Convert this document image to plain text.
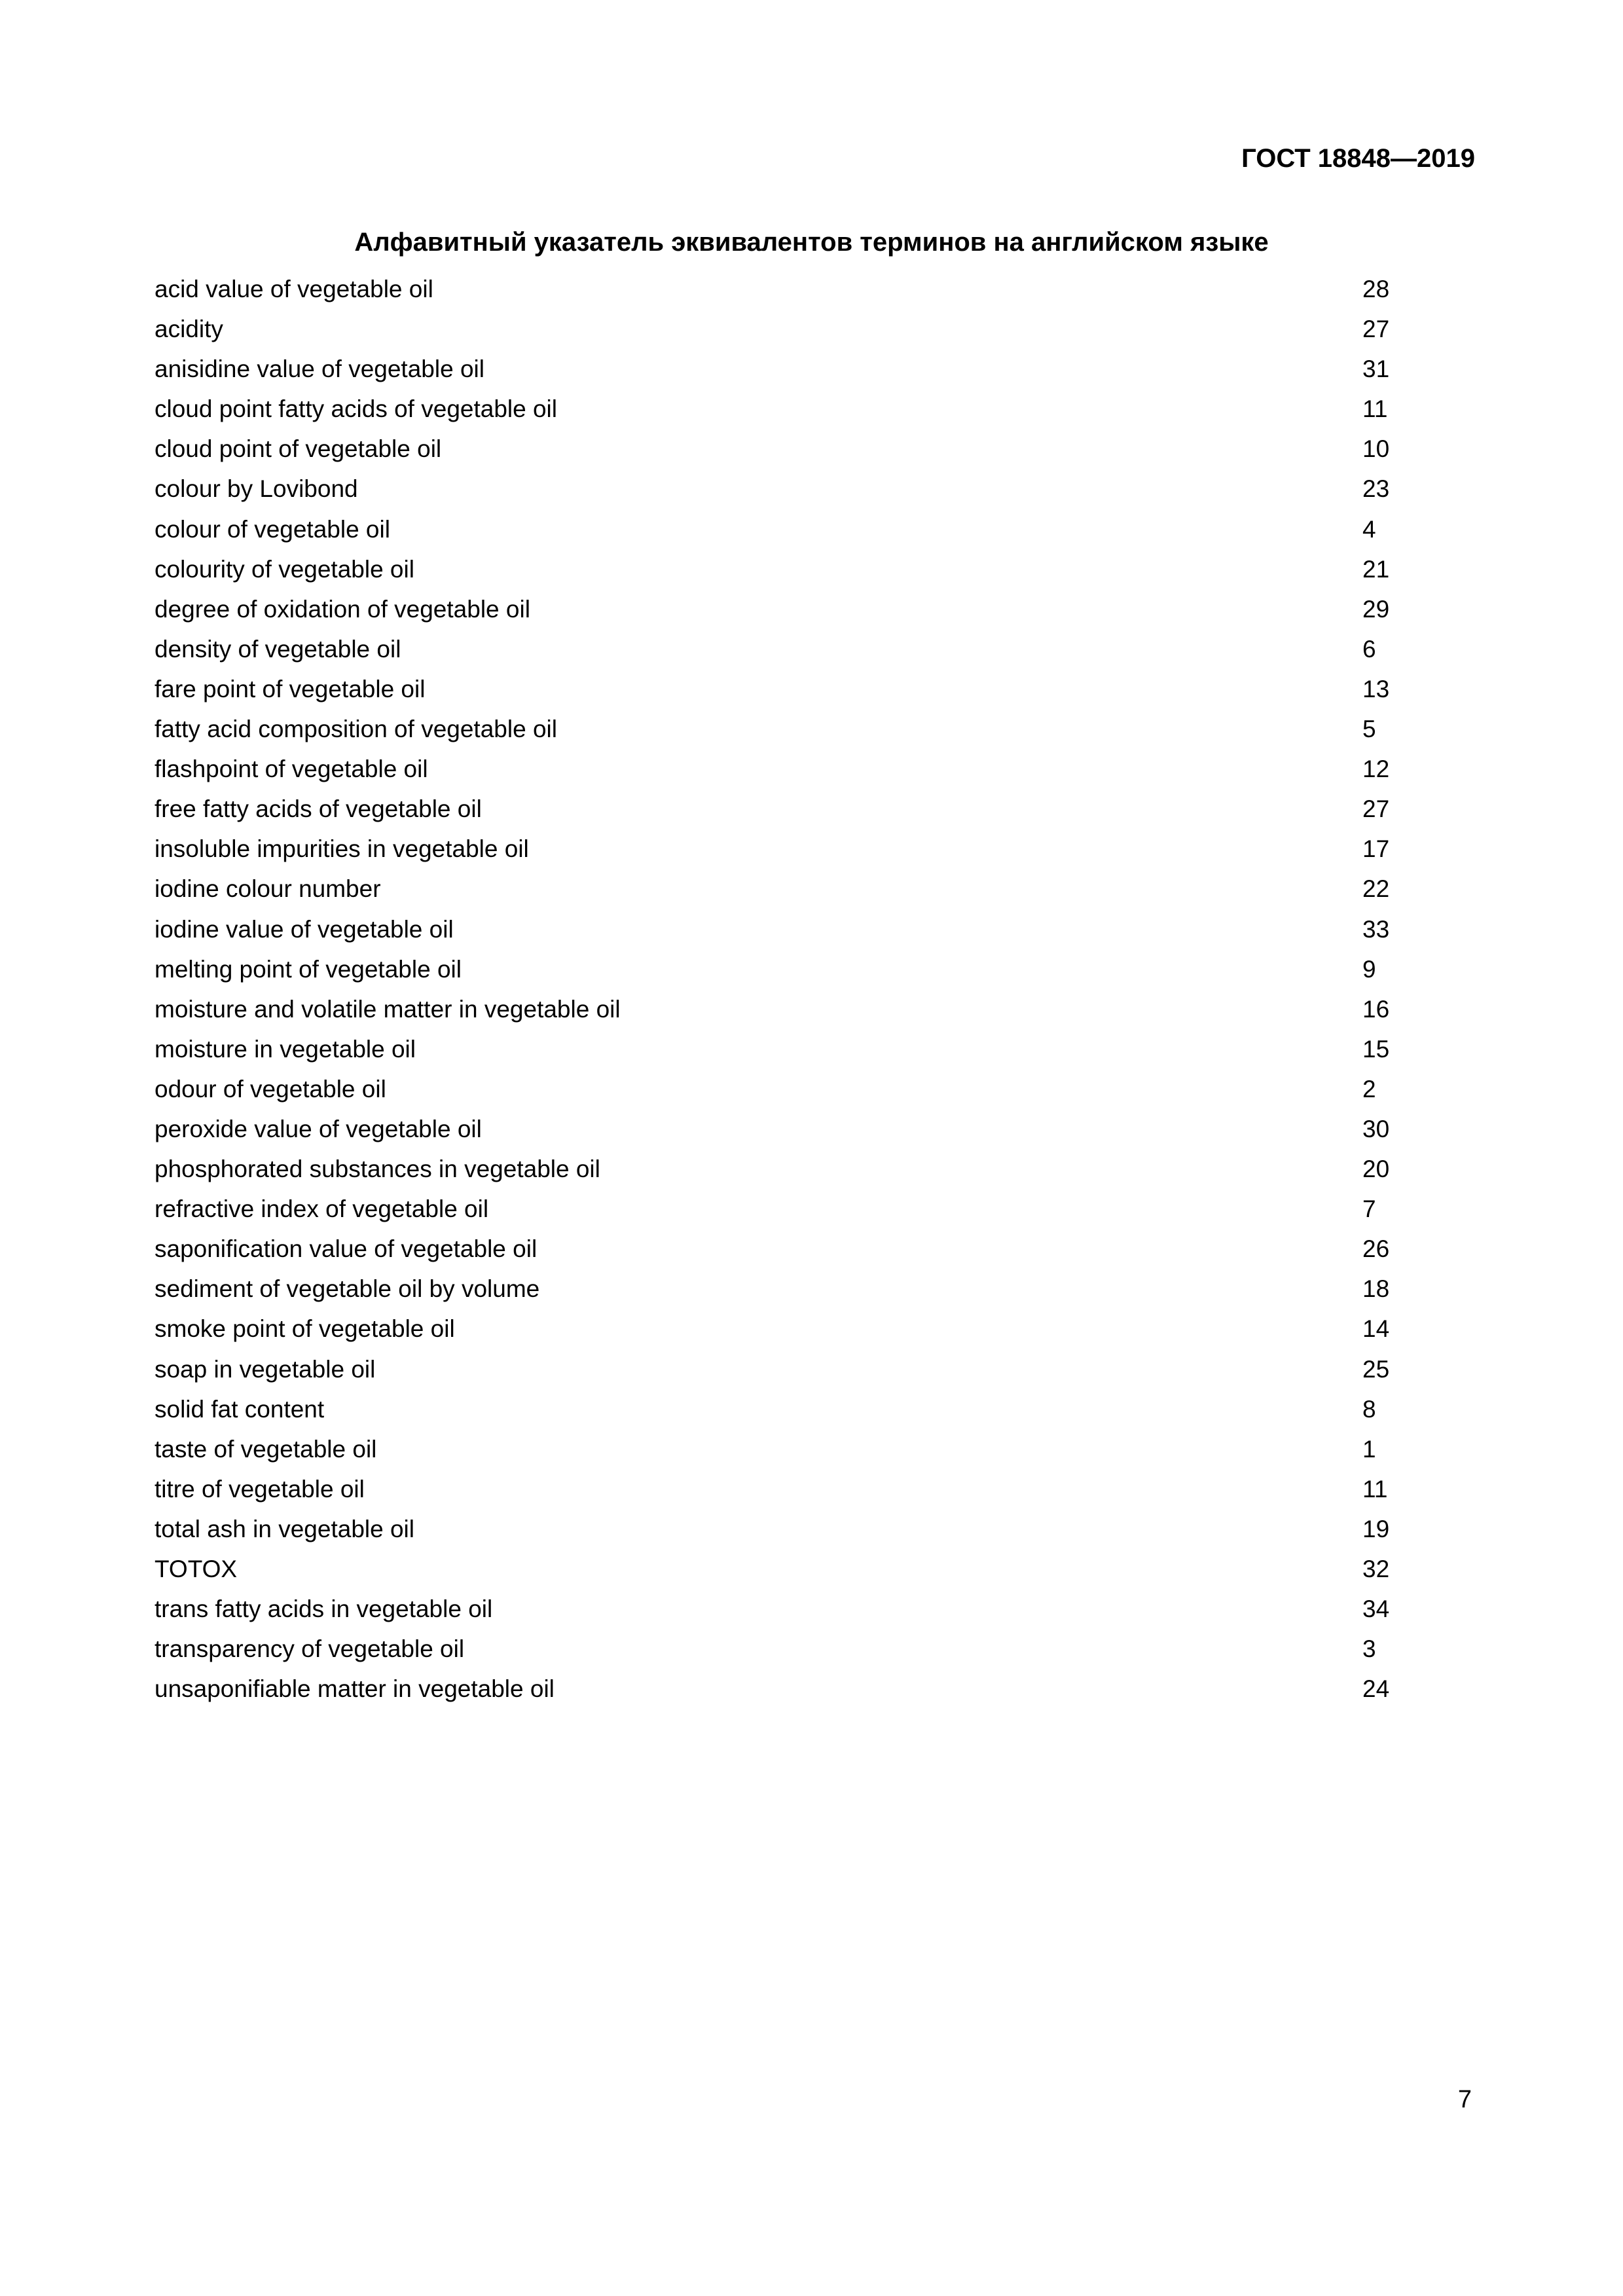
ГОСТ 18848—2019
Алфавитный указатель эквивалентов терминов на английском языке
acid value of vegetable oil	28
acidity	27
anisidine value of vegetable oil	31
cloud point fatty acids of vegetable oil	11
cloud point of vegetable oil	10
colour by Lovibond	23
colour of vegetable oil	4
colourity of vegetable oil	21
degree of oxidation of vegetable oil	29
density of vegetable oil	6
fare point of vegetable oil	13
fatty acid composition of vegetable oil	5
flashpoint of vegetable oil	12
free fatty acids of vegetable oil	27
insoluble impurities in vegetable oil	17
iodine colour number	22
iodine value of vegetable oil	33
melting point of vegetable oil	9
moisture and volatile matter in vegetable oil	16
moisture in vegetable oil	15
odour of vegetable oil	2
peroxide value of vegetable oil	30
phosphorated substances in vegetable oil	20
refractive index of vegetable oil	7
saponification value of vegetable oil	26
sediment of vegetable oil by volume	18
smoke point of vegetable oil	14
soap in vegetable oil	25
solid fat content	8
taste of vegetable oil	1
titre of vegetable oil	11
total ash in vegetable oil	19
TOTOX	32
trans fatty acids in vegetable oil	34
transparency of vegetable oil	3
unsaponifiable matter in vegetable oil	24
7
